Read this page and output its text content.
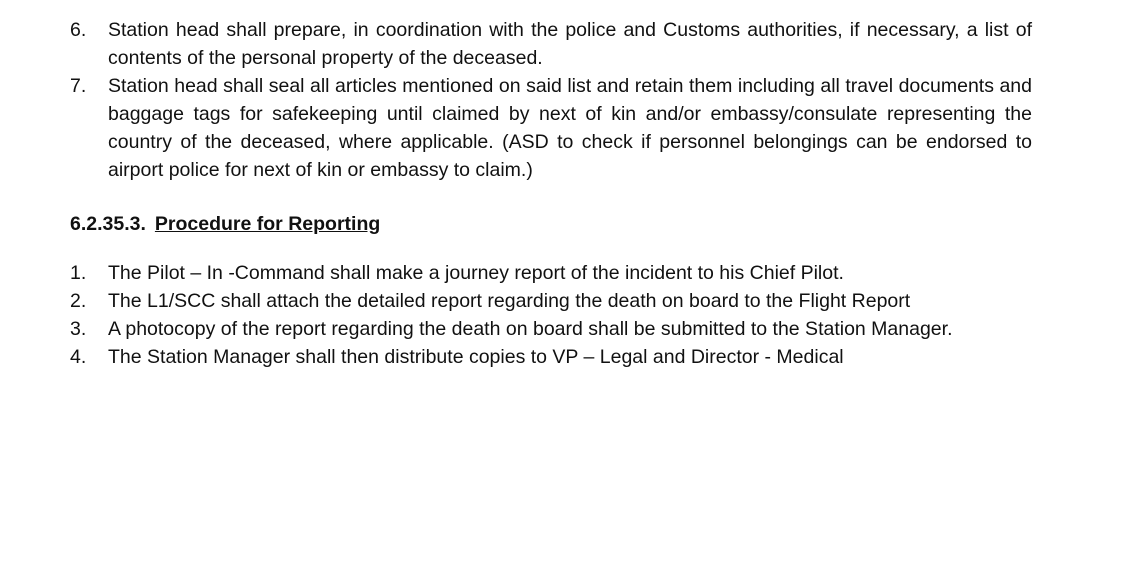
6. Station head shall prepare, in coordination with the police and Customs authorities, if necessary, a list of contents of the personal property of the deceased.
7. Station head shall seal all articles mentioned on said list and retain them including all travel documents and baggage tags for safekeeping until claimed by next of kin and/or embassy/consulate representing the country of the deceased, where applicable. (ASD to check if personnel belongings can be endorsed to airport police for next of kin or embassy to claim.)
6.2.35.3. Procedure for Reporting
1. The Pilot – In -Command shall make a journey report of the incident to his Chief Pilot.
2. The L1/SCC shall attach the detailed report regarding the death on board to the Flight Report
3. A photocopy of the report regarding the death on board shall be submitted to the Station Manager.
4. The Station Manager shall then distribute copies to VP – Legal and Director - Medical
